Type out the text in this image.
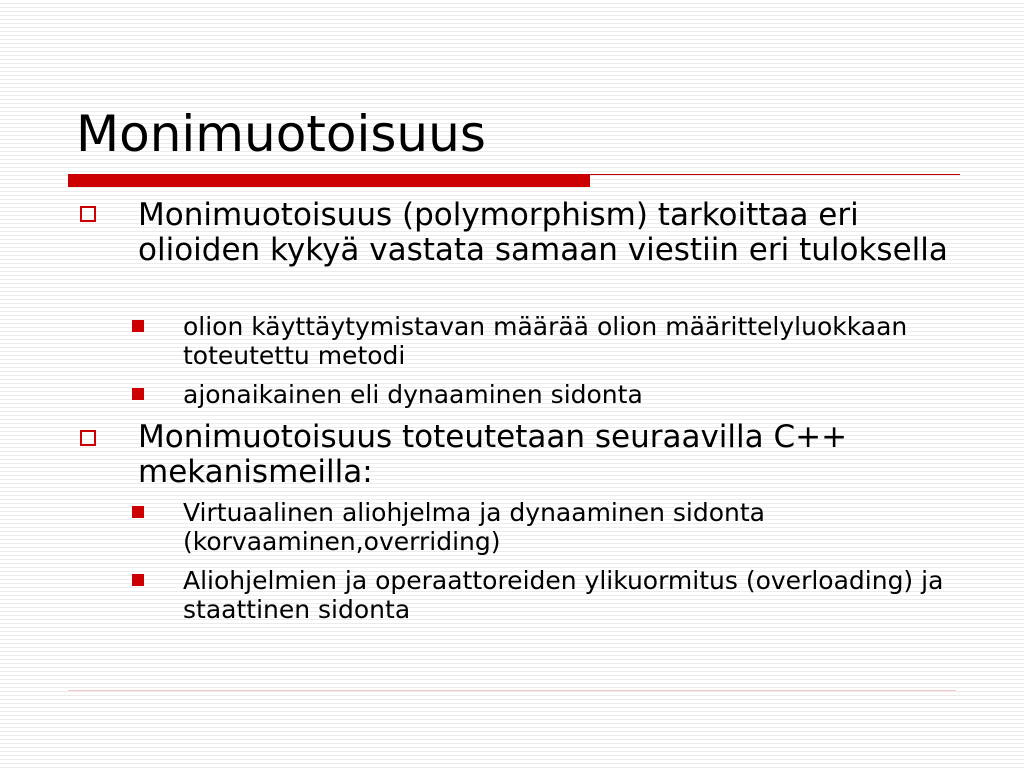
Monimuotoisuus
Monimuotoisuus (polymorphism) tarkoittaa eri olioiden kykyä vastata samaan viestiin eri tuloksella
olion käyttäytymistavan määrää olion määrittelyluokkaan toteutettu metodi
ajonaikainen eli dynaaminen sidonta
Monimuotoisuus toteutetaan seuraavilla C++ mekanismeilla:
Virtuaalinen aliohjelma ja dynaaminen sidonta (korvaaminen,overriding)
Aliohjelmien ja operaattoreiden ylikuormitus (overloading) ja staattinen sidonta
